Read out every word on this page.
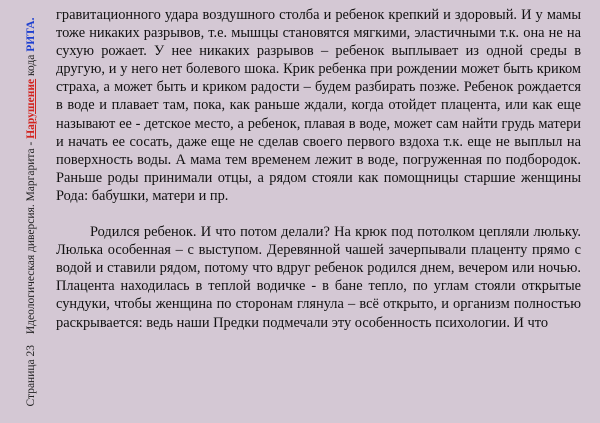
Страница 23 Идеологическая диверсия. Маргарита - Нарушение кода РИТА.

гравитационного удара воздушного столба и ребенок крепкий и здоровый. И у мамы тоже никаких разрывов, т.е. мышцы становятся мягкими, эластичными т.к. она не на сухую рожает. У нее никаких разрывов – ребенок выплывает из одной среды в другую, и у него нет болевого шока. Крик ребенка при рождении может быть криком страха, а может быть и криком радости – будем разбирать позже. Ребенок рождается в воде и плавает там, пока, как раньше ждали, когда отойдет плацента, или как еще называют ее - детское место, а ребенок, плавая в воде, может сам найти грудь матери и начать ее сосать, даже еще не сделав своего первого вздоха т.к. еще не выплыл на поверхность воды. А мама тем временем лежит в воде, погруженная по подбородок. Раньше роды принимали отцы, а рядом стояли как помощницы старшие женщины Рода: бабушки, матери и пр.

Родился ребенок. И что потом делали? На крюк под потолком цепляли люльку. Люлька особенная – с выступом. Деревянной чашей зачерпывали плаценту прямо с водой и ставили рядом, потому что вдруг ребенок родился днем, вечером или ночью. Плацента находилась в теплой водичке - в бане тепло, по углам стояли открытые сундуки, чтобы женщина по сторонам глянула – всё открыто, и организм полностью раскрывается: ведь наши Предки подмечали эту особенность психологии. И что
